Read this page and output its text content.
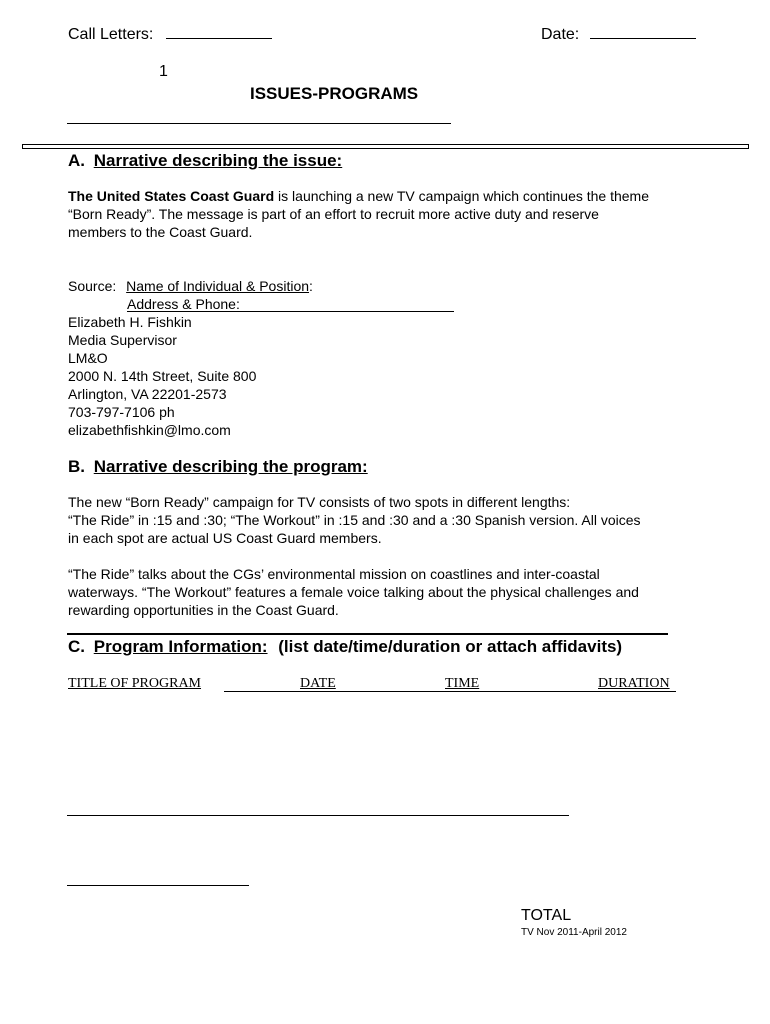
Call Letters:	Date:
1
ISSUES-PROGRAMS
A. Narrative describing the issue:

The United States Coast Guard is launching a new TV campaign which continues the theme

“Born Ready”. The message is part of an effort to recruit more active duty and reserve

members to the Coast Guard.

Source: Name of Individual & Position:
Address & Phone:

Elizabeth H. Fishkin

Media Supervisor

LM&O

2000 N. 14th Street, Suite 800

Arlington, VA 22201-2573

703-797-7106 ph

elizabethfishkin@lmo.com

B. Narrative describing the program:

The new “Born Ready” campaign for TV consists of two spots in different lengths:

“The Ride” in :15 and :30; “The Workout” in :15 and :30 and a :30 Spanish version. All voices

in each spot are actual US Coast Guard members.

“The Ride” talks about the CGs’ environmental mission on coastlines and inter-coastal

waterways. “The Workout” features a female voice talking about the physical challenges and

rewarding opportunities in the Coast Guard.

C. Program Information: (list date/time/duration or attach affidavits)
TITLE OF PROGRAM	DATE	TIME	DURATION
TOTAL
TV Nov 2011-April 2012
